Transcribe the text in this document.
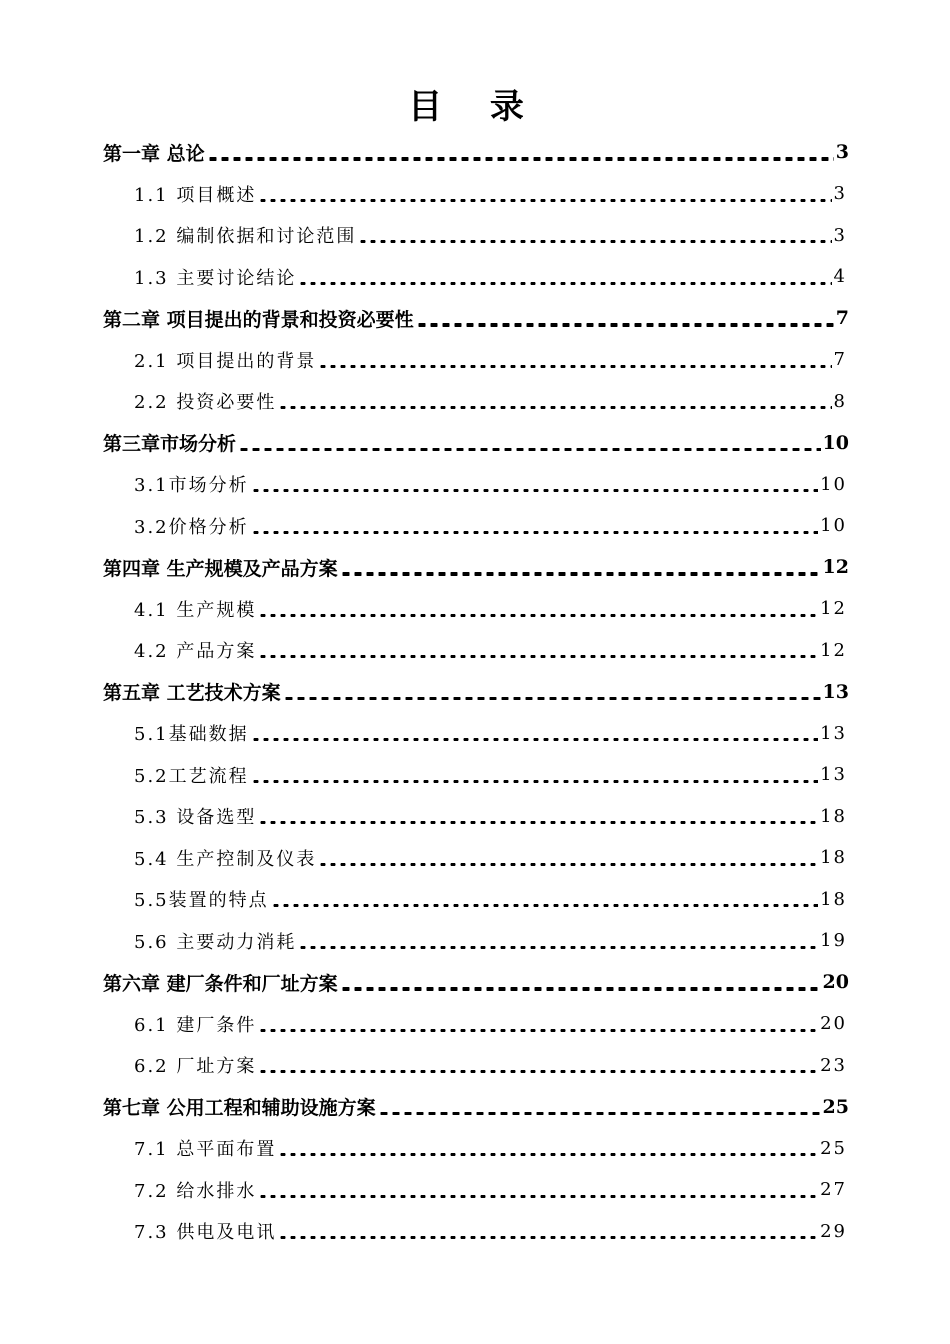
目 录
第一章 总论	3
1.1 项目概述	3
1.2 编制依据和讨论范围	3
1.3 主要讨论结论	4
第二章 项目提出的背景和投资必要性	7
2.1 项目提出的背景	7
2.2 投资必要性	8
第三章市场分析	10
3.1市场分析	10
3.2价格分析	10
第四章 生产规模及产品方案	12
4.1 生产规模	12
4.2 产品方案	12
第五章 工艺技术方案	13
5.1基础数据	13
5.2工艺流程	13
5.3 设备选型	18
5.4 生产控制及仪表	18
5.5装置的特点	18
5.6 主要动力消耗	19
第六章 建厂条件和厂址方案	20
6.1 建厂条件	20
6.2 厂址方案	23
第七章 公用工程和辅助设施方案	25
7.1 总平面布置	25
7.2 给水排水	27
7.3 供电及电讯	29
